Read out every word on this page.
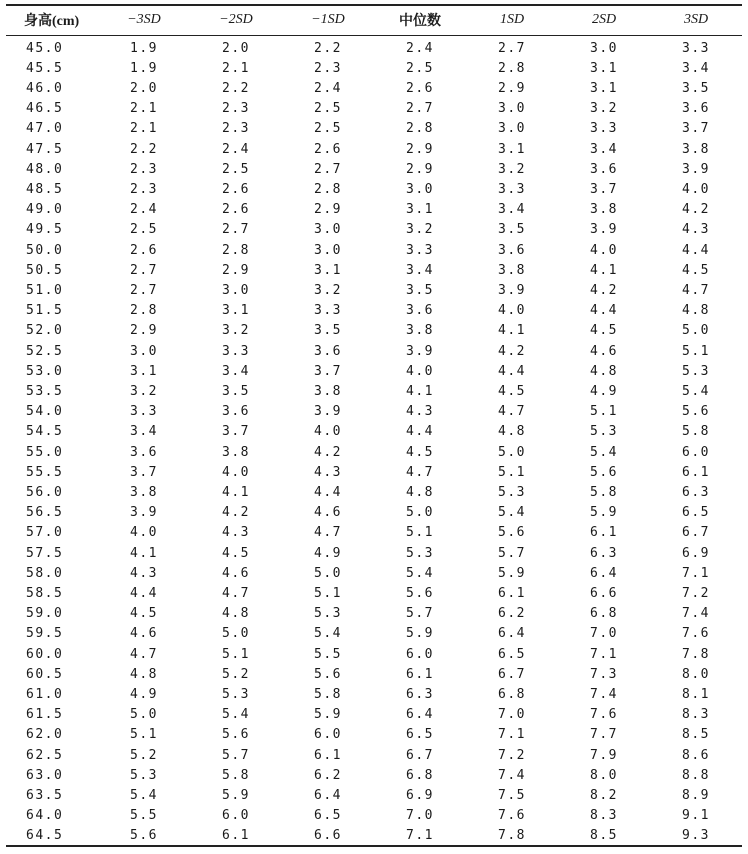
身高(cm)	−3SD	−2SD	−1SD	中位数	1SD	2SD	3SD
45.0	1.9	2.0	2.2	2.4	2.7	3.0	3.3
45.5	1.9	2.1	2.3	2.5	2.8	3.1	3.4
46.0	2.0	2.2	2.4	2.6	2.9	3.1	3.5
46.5	2.1	2.3	2.5	2.7	3.0	3.2	3.6
47.0	2.1	2.3	2.5	2.8	3.0	3.3	3.7
47.5	2.2	2.4	2.6	2.9	3.1	3.4	3.8
48.0	2.3	2.5	2.7	2.9	3.2	3.6	3.9
48.5	2.3	2.6	2.8	3.0	3.3	3.7	4.0
49.0	2.4	2.6	2.9	3.1	3.4	3.8	4.2
49.5	2.5	2.7	3.0	3.2	3.5	3.9	4.3
50.0	2.6	2.8	3.0	3.3	3.6	4.0	4.4
50.5	2.7	2.9	3.1	3.4	3.8	4.1	4.5
51.0	2.7	3.0	3.2	3.5	3.9	4.2	4.7
51.5	2.8	3.1	3.3	3.6	4.0	4.4	4.8
52.0	2.9	3.2	3.5	3.8	4.1	4.5	5.0
52.5	3.0	3.3	3.6	3.9	4.2	4.6	5.1
53.0	3.1	3.4	3.7	4.0	4.4	4.8	5.3
53.5	3.2	3.5	3.8	4.1	4.5	4.9	5.4
54.0	3.3	3.6	3.9	4.3	4.7	5.1	5.6
54.5	3.4	3.7	4.0	4.4	4.8	5.3	5.8
55.0	3.6	3.8	4.2	4.5	5.0	5.4	6.0
55.5	3.7	4.0	4.3	4.7	5.1	5.6	6.1
56.0	3.8	4.1	4.4	4.8	5.3	5.8	6.3
56.5	3.9	4.2	4.6	5.0	5.4	5.9	6.5
57.0	4.0	4.3	4.7	5.1	5.6	6.1	6.7
57.5	4.1	4.5	4.9	5.3	5.7	6.3	6.9
58.0	4.3	4.6	5.0	5.4	5.9	6.4	7.1
58.5	4.4	4.7	5.1	5.6	6.1	6.6	7.2
59.0	4.5	4.8	5.3	5.7	6.2	6.8	7.4
59.5	4.6	5.0	5.4	5.9	6.4	7.0	7.6
60.0	4.7	5.1	5.5	6.0	6.5	7.1	7.8
60.5	4.8	5.2	5.6	6.1	6.7	7.3	8.0
61.0	4.9	5.3	5.8	6.3	6.8	7.4	8.1
61.5	5.0	5.4	5.9	6.4	7.0	7.6	8.3
62.0	5.1	5.6	6.0	6.5	7.1	7.7	8.5
62.5	5.2	5.7	6.1	6.7	7.2	7.9	8.6
63.0	5.3	5.8	6.2	6.8	7.4	8.0	8.8
63.5	5.4	5.9	6.4	6.9	7.5	8.2	8.9
64.0	5.5	6.0	6.5	7.0	7.6	8.3	9.1
64.5	5.6	6.1	6.6	7.1	7.8	8.5	9.3
